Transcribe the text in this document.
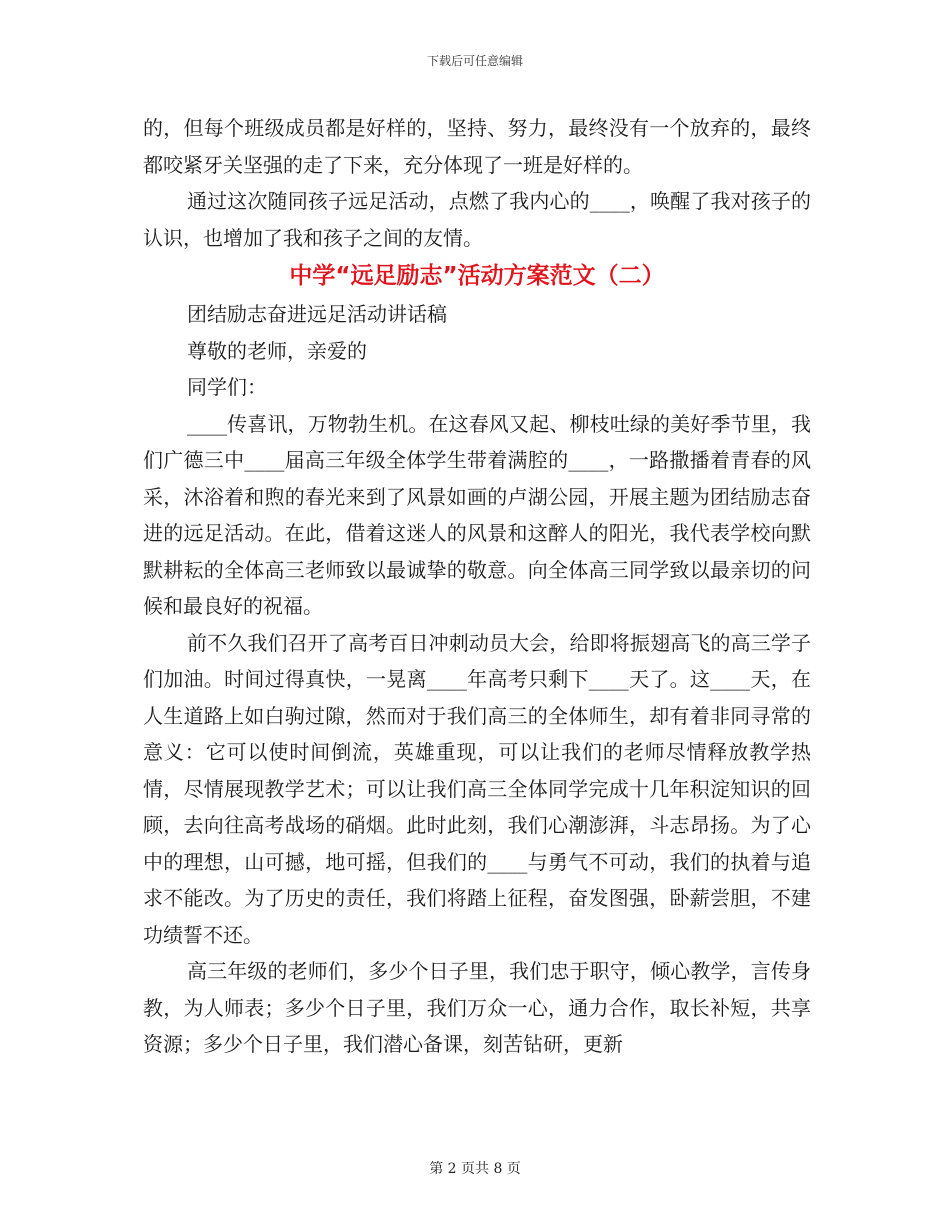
下载后可任意编辑

的，但每个班级成员都是好样的，坚持、努力，最终没有一个放弃的，最终都咬紧牙关坚强的走了下来，充分体现了一班是好样的。

通过这次随同孩子远足活动，点燃了我内心的____，唤醒了我对孩子的认识，也增加了我和孩子之间的友情。

中学“远足励志”活动方案范文（二）

团结励志奋进远足活动讲话稿

尊敬的老师，亲爱的

同学们：

____传喜讯，万物勃生机。在这春风又起、柳枝吐绿的美好季节里，我们广德三中____届高三年级全体学生带着满腔的____，一路撒播着青春的风采，沐浴着和煦的春光来到了风景如画的卢湖公园，开展主题为团结励志奋进的远足活动。在此，借着这迷人的风景和这醉人的阳光，我代表学校向默默耕耘的全体高三老师致以最诚挚的敬意。向全体高三同学致以最亲切的问候和最良好的祝福。

前不久我们召开了高考百日冲刺动员大会，给即将振翅高飞的高三学子们加油。时间过得真快，一晃离____年高考只剩下____天了。这____天，在人生道路上如白驹过隙，然而对于我们高三的全体师生，却有着非同寻常的意义：它可以使时间倒流，英雄重现，可以让我们的老师尽情释放教学热情，尽情展现教学艺术；可以让我们高三全体同学完成十几年积淀知识的回顾，去向往高考战场的硝烟。此时此刻，我们心潮澎湃，斗志昂扬。为了心中的理想，山可撼，地可摇，但我们的____与勇气不可动，我们的执着与追求不能改。为了历史的责任，我们将踏上征程，奋发图强，卧薪尝胆，不建功绩誓不还。

高三年级的老师们，多少个日子里，我们忠于职守，倾心教学，言传身教，为人师表；多少个日子里，我们万众一心，通力合作，取长补短，共享资源；多少个日子里，我们潜心备课，刻苦钻研，更新

第 2 页共 8 页
